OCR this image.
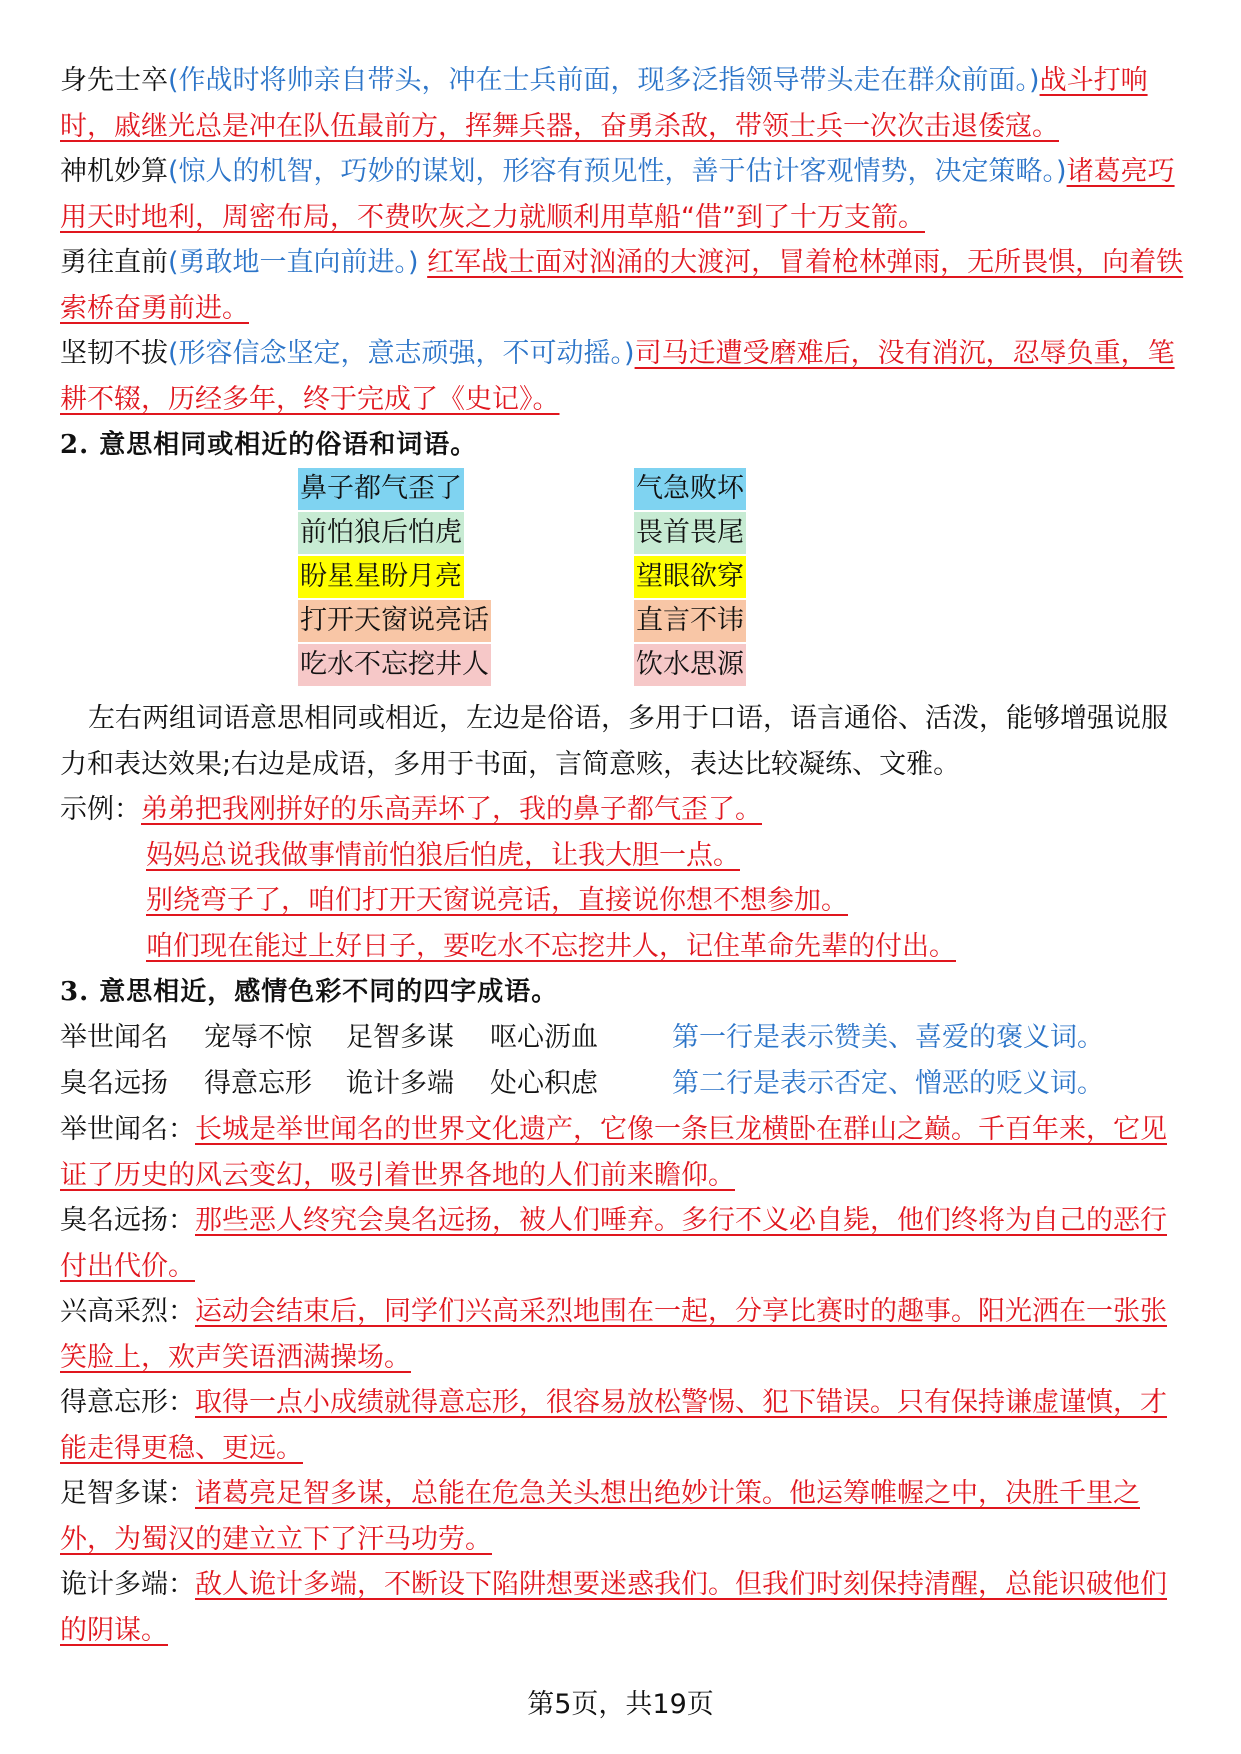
身先士卒(作战时将帅亲自带头，冲在士兵前面，现多泛指领导带头走在群众前面。)战斗打响时，戚继光总是冲在队伍最前方，挥舞兵器，奋勇杀敌，带领士兵一次次击退倭寇。

神机妙算(惊人的机智，巧妙的谋划，形容有预见性，善于估计客观情势，决定策略。)诸葛亮巧用天时地利，周密布局，不费吹灰之力就顺利用草船“借”到了十万支箭。

勇往直前(勇敢地一直向前进。) 红军战士面对汹涌的大渡河，冒着枪林弹雨，无所畏惧，向着铁索桥奋勇前进。

坚韧不拔(形容信念坚定，意志顽强，不可动摇。)司马迁遭受磨难后，没有消沉，忍辱负重，笔耕不辍，历经多年，终于完成了《史记》。

2. 意思相同或相近的俗语和词语。

鼻子都气歪了	气急败坏
前怕狼后怕虎	畏首畏尾
盼星星盼月亮	望眼欲穿
打开天窗说亮话	直言不讳
吃水不忘挖井人	饮水思源

左右两组词语意思相同或相近，左边是俗语，多用于口语，语言通俗、活泼，能够增强说服力和表达效果;右边是成语，多用于书面，言简意赅，表达比较凝练、文雅。

示例：弟弟把我刚拼好的乐高弄坏了，我的鼻子都气歪了。

妈妈总说我做事情前怕狼后怕虎，让我大胆一点。

别绕弯子了，咱们打开天窗说亮话，直接说你想不想参加。

咱们现在能过上好日子，要吃水不忘挖井人，记住革命先辈的付出。

3. 意思相近，感情色彩不同的四字成语。

举世闻名 宠辱不惊 足智多谋 呕心沥血	第一行是表示赞美、喜爱的褒义词。
臭名远扬 得意忘形 诡计多端 处心积虑	第二行是表示否定、憎恶的贬义词。

举世闻名：长城是举世闻名的世界文化遗产，它像一条巨龙横卧在群山之巅。千百年来，它见证了历史的风云变幻，吸引着世界各地的人们前来瞻仰。

臭名远扬：那些恶人终究会臭名远扬，被人们唾弃。多行不义必自毙，他们终将为自己的恶行付出代价。

兴高采烈：运动会结束后，同学们兴高采烈地围在一起，分享比赛时的趣事。阳光洒在一张张笑脸上，欢声笑语洒满操场。

得意忘形：取得一点小成绩就得意忘形，很容易放松警惕、犯下错误。只有保持谦虚谨慎，才能走得更稳、更远。

足智多谋：诸葛亮足智多谋，总能在危急关头想出绝妙计策。他运筹帷幄之中，决胜千里之外，为蜀汉的建立立下了汗马功劳。

诡计多端：敌人诡计多端，不断设下陷阱想要迷惑我们。但我们时刻保持清醒，总能识破他们的阴谋。

第5页，共19页
